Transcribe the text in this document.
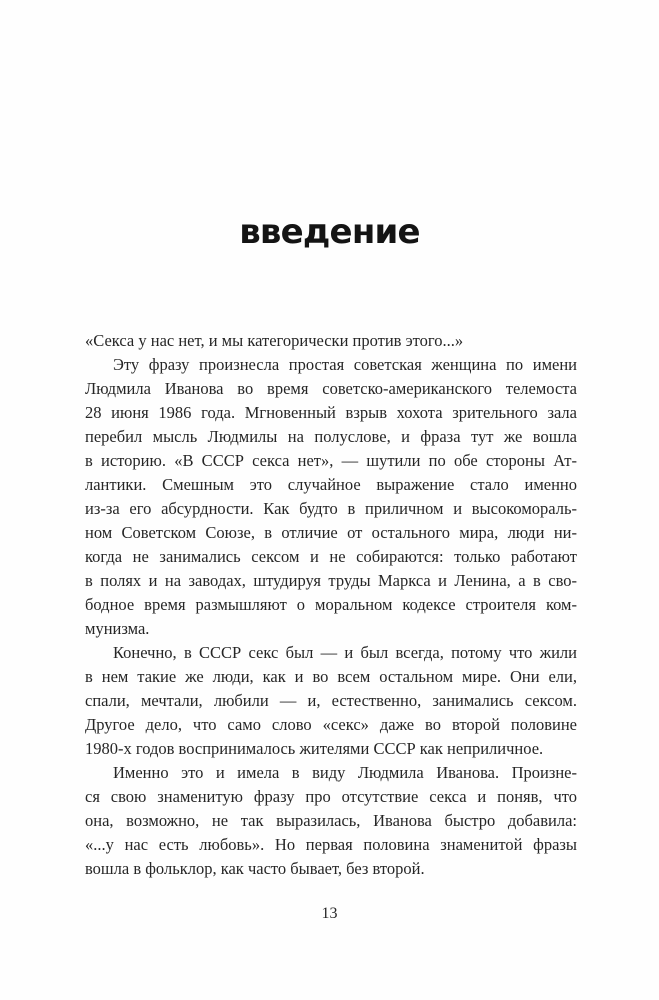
введение
«Секса у нас нет, и мы категорически против этого...»
Эту фразу произнесла простая советская женщина по имени
Людмила Иванова во время советско-американского телемоста
28 июня 1986 года. Мгновенный взрыв хохота зрительного зала
перебил мысль Людмилы на полуслове, и фраза тут же вошла
в историю. «В СССР секса нет», — шутили по обе стороны Ат-
лантики. Смешным это случайное выражение стало именно
из-за его абсурдности. Как будто в приличном и высокомораль-
ном Советском Союзе, в отличие от остального мира, люди ни-
когда не занимались сексом и не собираются: только работают
в полях и на заводах, штудируя труды Маркса и Ленина, а в сво-
бодное время размышляют о моральном кодексе строителя ком-
мунизма.
Конечно, в СССР секс был — и был всегда, потому что жили
в нем такие же люди, как и во всем остальном мире. Они ели,
спали, мечтали, любили — и, естественно, занимались сексом.
Другое дело, что само слово «секс» даже во второй половине
1980-х годов воспринималось жителями СССР как неприличное.
Именно это и имела в виду Людмила Иванова. Произне-
ся свою знаменитую фразу про отсутствие секса и поняв, что
она, возможно, не так выразилась, Иванова быстро добавила:
«...у нас есть любовь». Но первая половина знаменитой фразы
вошла в фольклор, как часто бывает, без второй.
13
